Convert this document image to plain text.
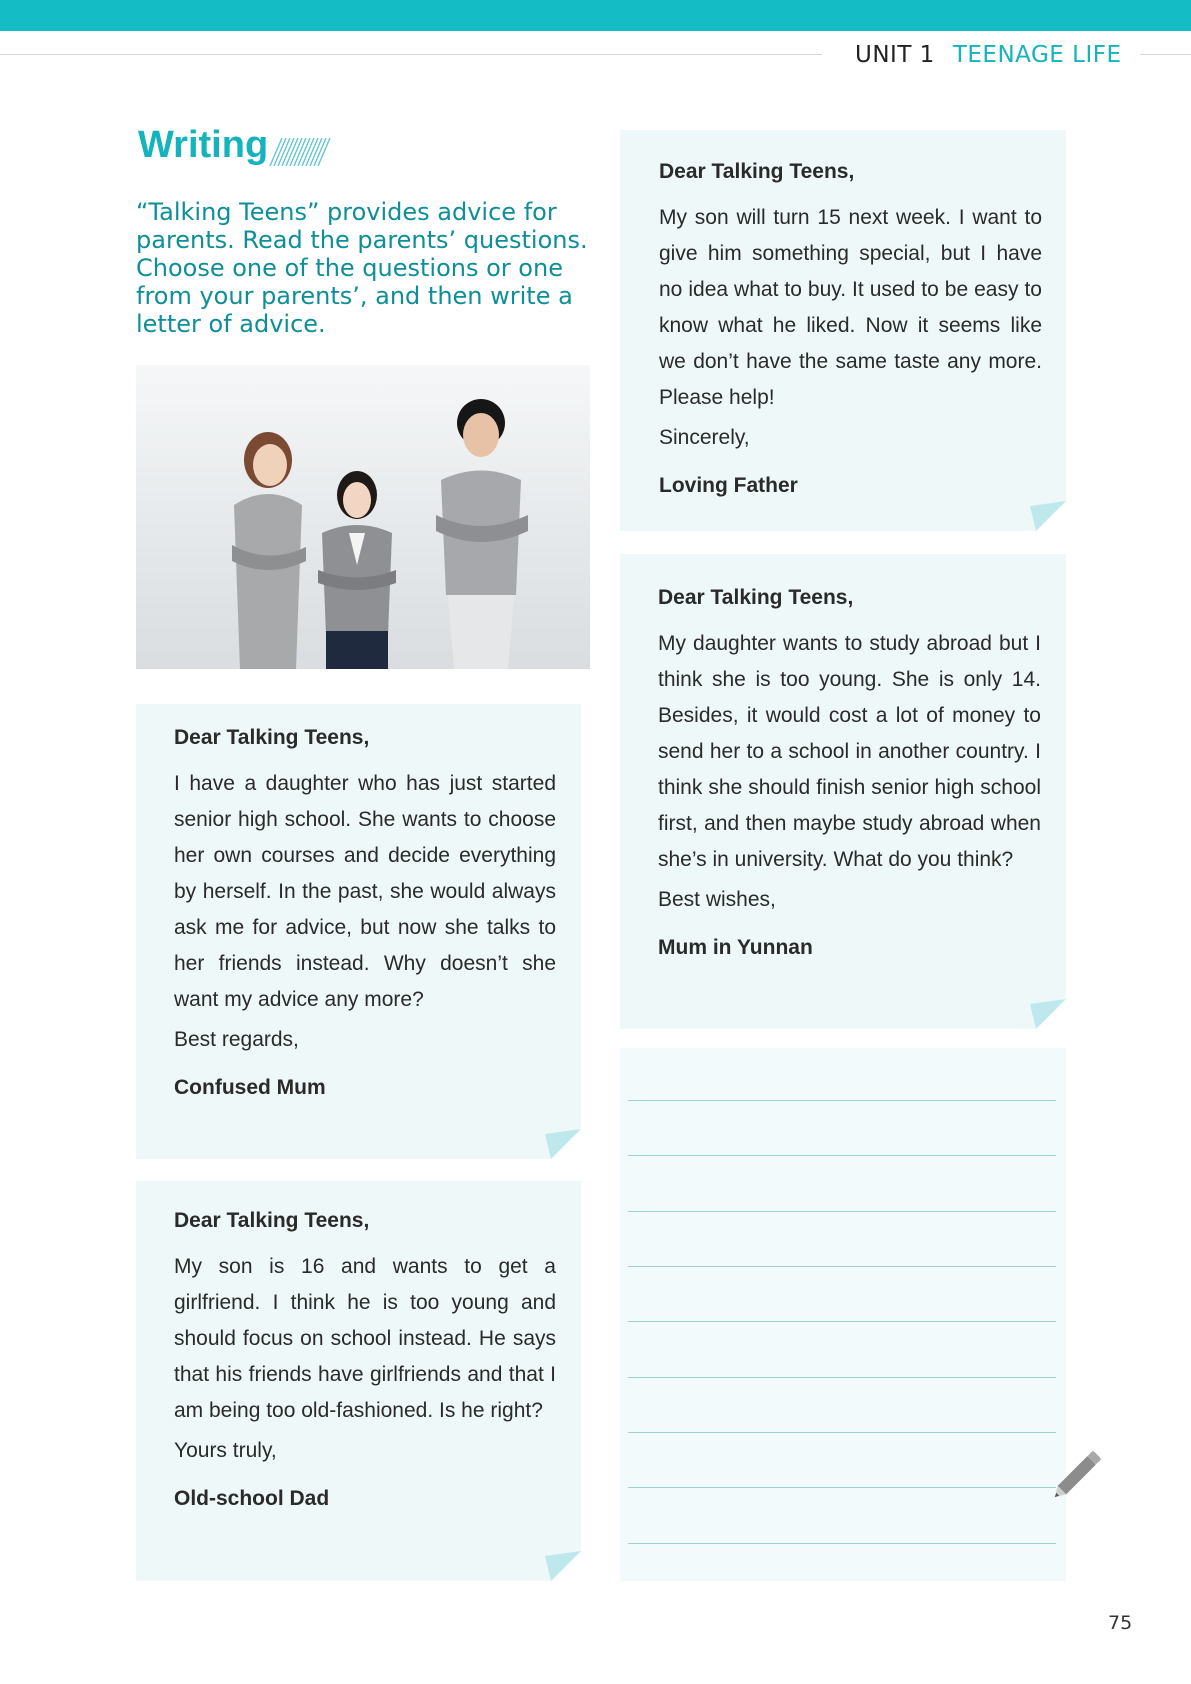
UNIT 1 TEENAGE LIFE
Writing
“Talking Teens” provides advice for parents. Read the parents’ questions. Choose one of the questions or one from your parents’, and then write a letter of advice.

Dear Talking Teens,

I have a daughter who has just started senior high school. She wants to choose her own courses and decide everything by herself. In the past, she would always ask me for advice, but now she talks to her friends instead. Why doesn’t she want my advice any more?

Best regards,

Confused Mum

Dear Talking Teens,

My son is 16 and wants to get a girlfriend. I think he is too young and should focus on school instead. He says that his friends have girlfriends and that I am being too old-fashioned. Is he right?

Yours truly,

Old-school Dad

Dear Talking Teens,

My son will turn 15 next week. I want to give him something special, but I have no idea what to buy. It used to be easy to know what he liked. Now it seems like we don’t have the same taste any more. Please help!

Sincerely,

Loving Father

Dear Talking Teens,

My daughter wants to study abroad but I think she is too young. She is only 14. Besides, it would cost a lot of money to send her to a school in another country. I think she should finish senior high school first, and then maybe study abroad when she’s in university. What do you think?

Best wishes,

Mum in Yunnan

75
